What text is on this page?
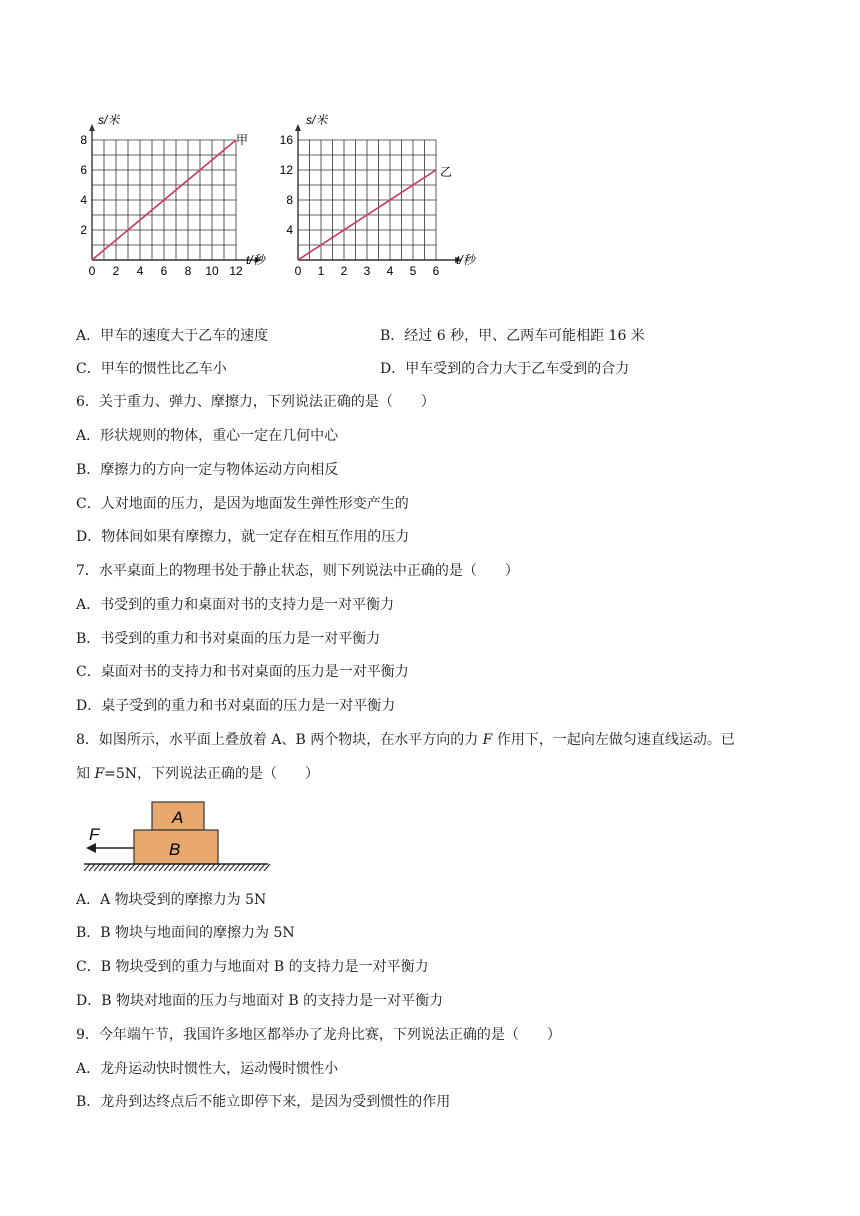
s/米
t/秒
甲
0 2 4 6 8 10 12
2
4
6
8
s/米
t/秒
乙
0 1 2 3 4 5 6
4
8
12
16
A．甲车的速度大于乙车的速度	B．经过 6 秒，甲、乙两车可能相距 16 米
C．甲车的惯性比乙车小	D．甲车受到的合力大于乙车受到的合力
6．关于重力、弹力、摩擦力，下列说法正确的是（　　）
A．形状规则的物体，重心一定在几何中心
B．摩擦力的方向一定与物体运动方向相反
C．人对地面的压力，是因为地面发生弹性形变产生的
D．物体间如果有摩擦力，就一定存在相互作用的压力
7．水平桌面上的物理书处于静止状态，则下列说法中正确的是（　　）
A．书受到的重力和桌面对书的支持力是一对平衡力
B．书受到的重力和书对桌面的压力是一对平衡力
C．桌面对书的支持力和书对桌面的压力是一对平衡力
D．桌子受到的重力和书对桌面的压力是一对平衡力
8．如图所示，水平面上叠放着 A、B 两个物块，在水平方向的力 F 作用下，一起向左做匀速直线运动。已
知 F=5N，下列说法正确的是（　　）
A
B
F
A．A 物块受到的摩擦力为 5N
B．B 物块与地面间的摩擦力为 5N
C．B 物块受到的重力与地面对 B 的支持力是一对平衡力
D．B 物块对地面的压力与地面对 B 的支持力是一对平衡力
9．今年端午节，我国许多地区都举办了龙舟比赛，下列说法正确的是（　　）
A．龙舟运动快时惯性大，运动慢时惯性小
B．龙舟到达终点后不能立即停下来，是因为受到惯性的作用
